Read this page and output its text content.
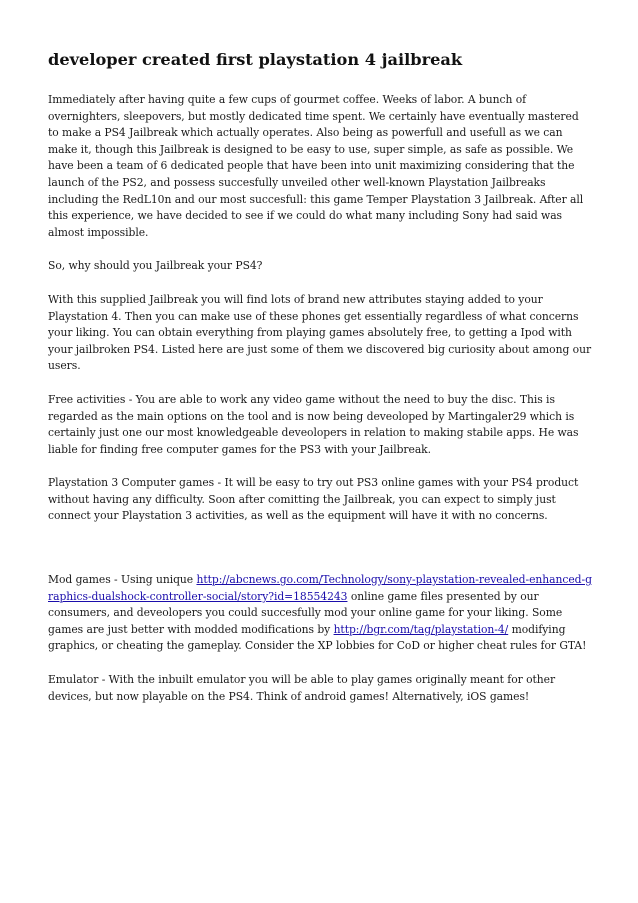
developer created first playstation 4 jailbreak

Immediately after having quite a few cups of gourmet coffee. Weeks of labor. A bunch of overnighters, sleepovers, but mostly dedicated time spent. We certainly have eventually mastered to make a PS4 Jailbreak which actually operates. Also being as powerfull and usefull as we can make it, though this Jailbreak is designed to be easy to use, super simple, as safe as possible. We have been a team of 6 dedicated people that have been into unit maximizing considering that the launch of the PS2, and possess succesfully unveiled other well-known Playstation Jailbreaks including the RedL10n and our most succesfull: this game Temper Playstation 3 Jailbreak. After all this experience, we have decided to see if we could do what many including Sony had said was almost impossible.

So, why should you Jailbreak your PS4?

With this supplied Jailbreak you will find lots of brand new attributes staying added to your Playstation 4. Then you can make use of these phones get essentially regardless of what concerns your liking. You can obtain everything from playing games absolutely free, to getting a Ipod with your jailbroken PS4. Listed here are just some of them we discovered big curiosity about among our users.

Free activities - You are able to work any video game without the need to buy the disc. This is regarded as the main options on the tool and is now being deveoloped by Martingaler29 which is certainly just one our most knowledgeable deveolopers in relation to making stabile apps. He was liable for finding free computer games for the PS3 with your Jailbreak.

Playstation 3 Computer games - It will be easy to try out PS3 online games with your PS4 product without having any difficulty. Soon after comitting the Jailbreak, you can expect to simply just connect your Playstation 3 activities, as well as the equipment will have it with no concerns.

Mod games - Using unique http://abcnews.go.com/Technology/sony-playstation-revealed-enhanced-graphics-dualshock-controller-social/story?id=18554243 online game files presented by our consumers, and deveolopers you could succesfully mod your online game for your liking. Some games are just better with modded modifications by http://bgr.com/tag/playstation-4/ modifying graphics, or cheating the gameplay. Consider the XP lobbies for CoD or higher cheat rules for GTA!

Emulator - With the inbuilt emulator you will be able to play games originally meant for other devices, but now playable on the PS4. Think of android games! Alternatively, iOS games!
